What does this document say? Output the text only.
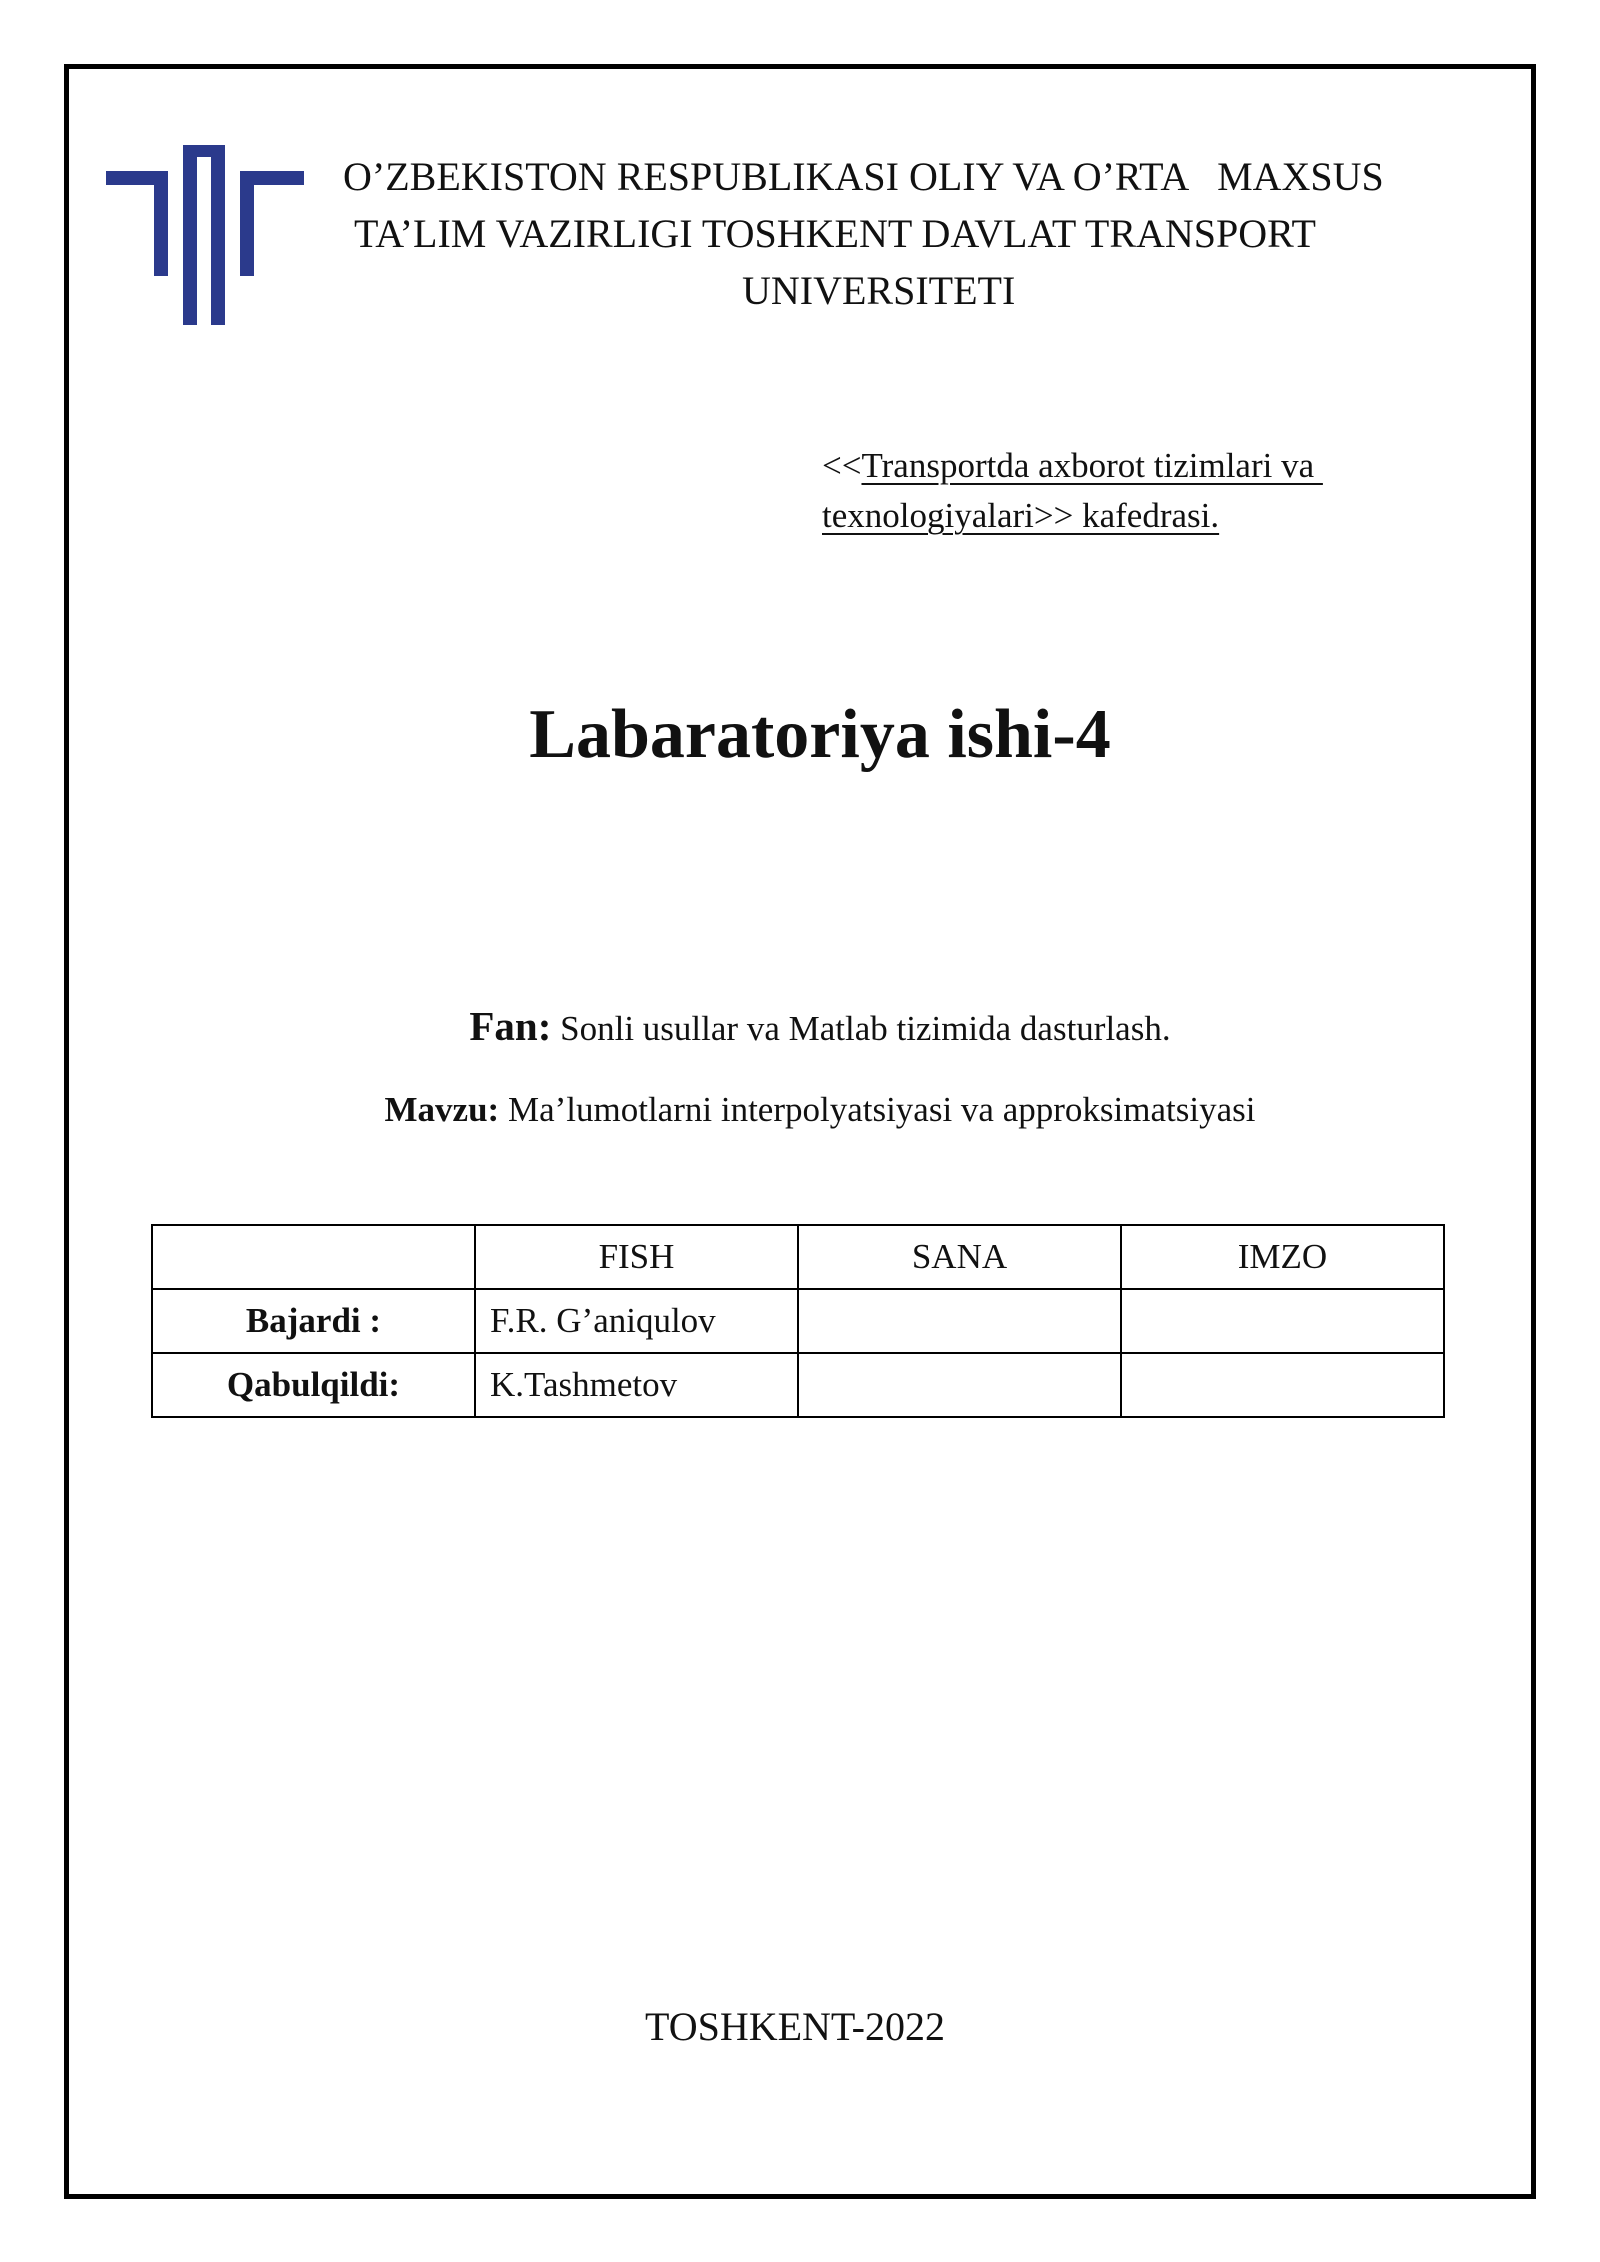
O’ZBEKISTON RESPUBLIKASI OLIY VA O’RTA   MAXSUS
TA’LIM VAZIRLIGI TOSHKENT DAVLAT TRANSPORT
UNIVERSITETI
<<Transportda axborot tizimlari va
texnologiyalari>> kafedrasi.
Labaratoriya ishi-4
Fan: Sonli usullar va Matlab tizimida dasturlash.
Mavzu: Ma’lumotlarni interpolyatsiyasi va approksimatsiyasi
	FISH	SANA	IMZO
Bajardi :	F.R. G’aniqulov		
Qabulqildi:	K.Tashmetov		
TOSHKENT-2022
